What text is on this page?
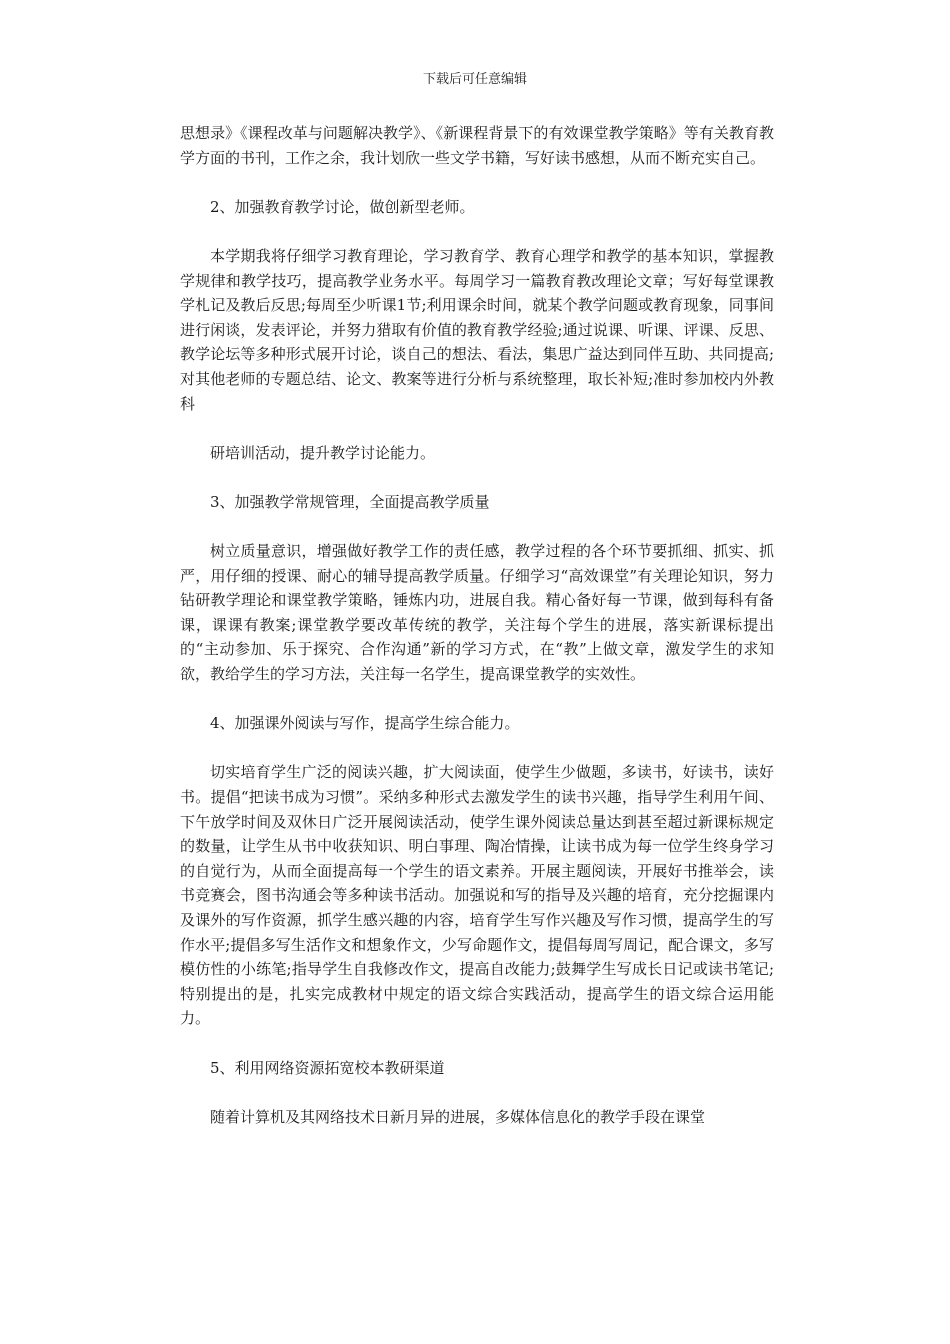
下载后可任意编辑

思想录》《课程改革与问题解决教学》、《新课程背景下的有效课堂教学策略》等有关教育教学方面的书刊，工作之余，我计划欣一些文学书籍，写好读书感想，从而不断充实自己。

2、加强教育教学讨论，做创新型老师。

本学期我将仔细学习教育理论，学习教育学、教育心理学和教学的基本知识，掌握教学规律和教学技巧，提高教学业务水平。每周学习一篇教育教改理论文章；写好每堂课教学札记及教后反思;每周至少听课1节;利用课余时间，就某个教学问题或教育现象，同事间进行闲谈，发表评论，并努力猎取有价值的教育教学经验;通过说课、听课、评课、反思、教学论坛等多种形式展开讨论，谈自己的想法、看法，集思广益达到同伴互助、共同提高;对其他老师的专题总结、论文、教案等进行分析与系统整理，取长补短;准时参加校内外教科

研培训活动，提升教学讨论能力。

3、加强教学常规管理，全面提高教学质量

树立质量意识，增强做好教学工作的责任感，教学过程的各个环节要抓细、抓实、抓严，用仔细的授课、耐心的辅导提高教学质量。仔细学习“高效课堂”有关理论知识，努力钻研教学理论和课堂教学策略，锤炼内功，进展自我。精心备好每一节课，做到每科有备课，课课有教案;课堂教学要改革传统的教学，关注每个学生的进展，落实新课标提出的“主动参加、乐于探究、合作沟通”新的学习方式，在“教”上做文章，激发学生的求知欲，教给学生的学习方法，关注每一名学生，提高课堂教学的实效性。

4、加强课外阅读与写作，提高学生综合能力。

切实培育学生广泛的阅读兴趣，扩大阅读面，使学生少做题，多读书，好读书，读好书。提倡“把读书成为习惯”。采纳多种形式去激发学生的读书兴趣，指导学生利用午间、下午放学时间及双休日广泛开展阅读活动，使学生课外阅读总量达到甚至超过新课标规定的数量，让学生从书中收获知识、明白事理、陶冶情操，让读书成为每一位学生终身学习的自觉行为，从而全面提高每一个学生的语文素养。开展主题阅读，开展好书推举会，读书竞赛会，图书沟通会等多种读书活动。加强说和写的指导及兴趣的培育，充分挖掘课内及课外的写作资源，抓学生感兴趣的内容，培育学生写作兴趣及写作习惯，提高学生的写作水平;提倡多写生活作文和想象作文，少写命题作文，提倡每周写周记，配合课文，多写模仿性的小练笔;指导学生自我修改作文，提高自改能力;鼓舞学生写成长日记或读书笔记;特别提出的是，扎实完成教材中规定的语文综合实践活动，提高学生的语文综合运用能力。

5、利用网络资源拓宽校本教研渠道

随着计算机及其网络技术日新月异的进展，多媒体信息化的教学手段在课堂
